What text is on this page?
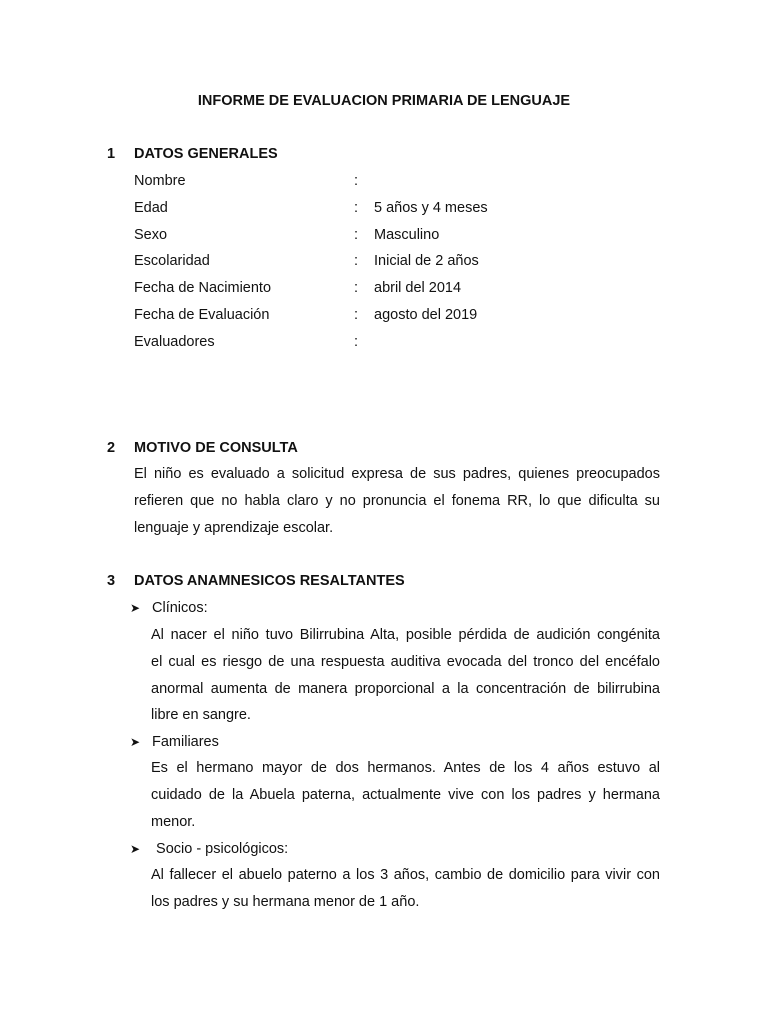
INFORME DE EVALUACION PRIMARIA DE LENGUAJE
1 DATOS GENERALES
Nombre	:
Edad	: 5 años y 4 meses
Sexo	: Masculino
Escolaridad	: Inicial de 2 años
Fecha de Nacimiento	: abril del 2014
Fecha de Evaluación	: agosto del 2019
Evaluadores	:
2 MOTIVO DE CONSULTA
El niño es evaluado a solicitud expresa de sus padres, quienes preocupados
refieren que no habla claro y no pronuncia el fonema RR, lo que dificulta su
lenguaje y aprendizaje escolar.
3 DATOS ANAMNESICOS RESALTANTES
➤ Clínicos:
Al nacer el niño tuvo Bilirrubina Alta, posible pérdida de audición congénita
el cual es riesgo de una respuesta auditiva evocada del tronco del encéfalo
anormal aumenta de manera proporcional a la concentración de bilirrubina
libre en sangre.
➤ Familiares
Es el hermano mayor de dos hermanos. Antes de los 4 años estuvo al
cuidado de la Abuela paterna, actualmente vive con los padres y hermana
menor.
➤ Socio - psicológicos:
Al fallecer el abuelo paterno a los 3 años, cambio de domicilio para vivir con
los padres y su hermana menor de 1 año.
